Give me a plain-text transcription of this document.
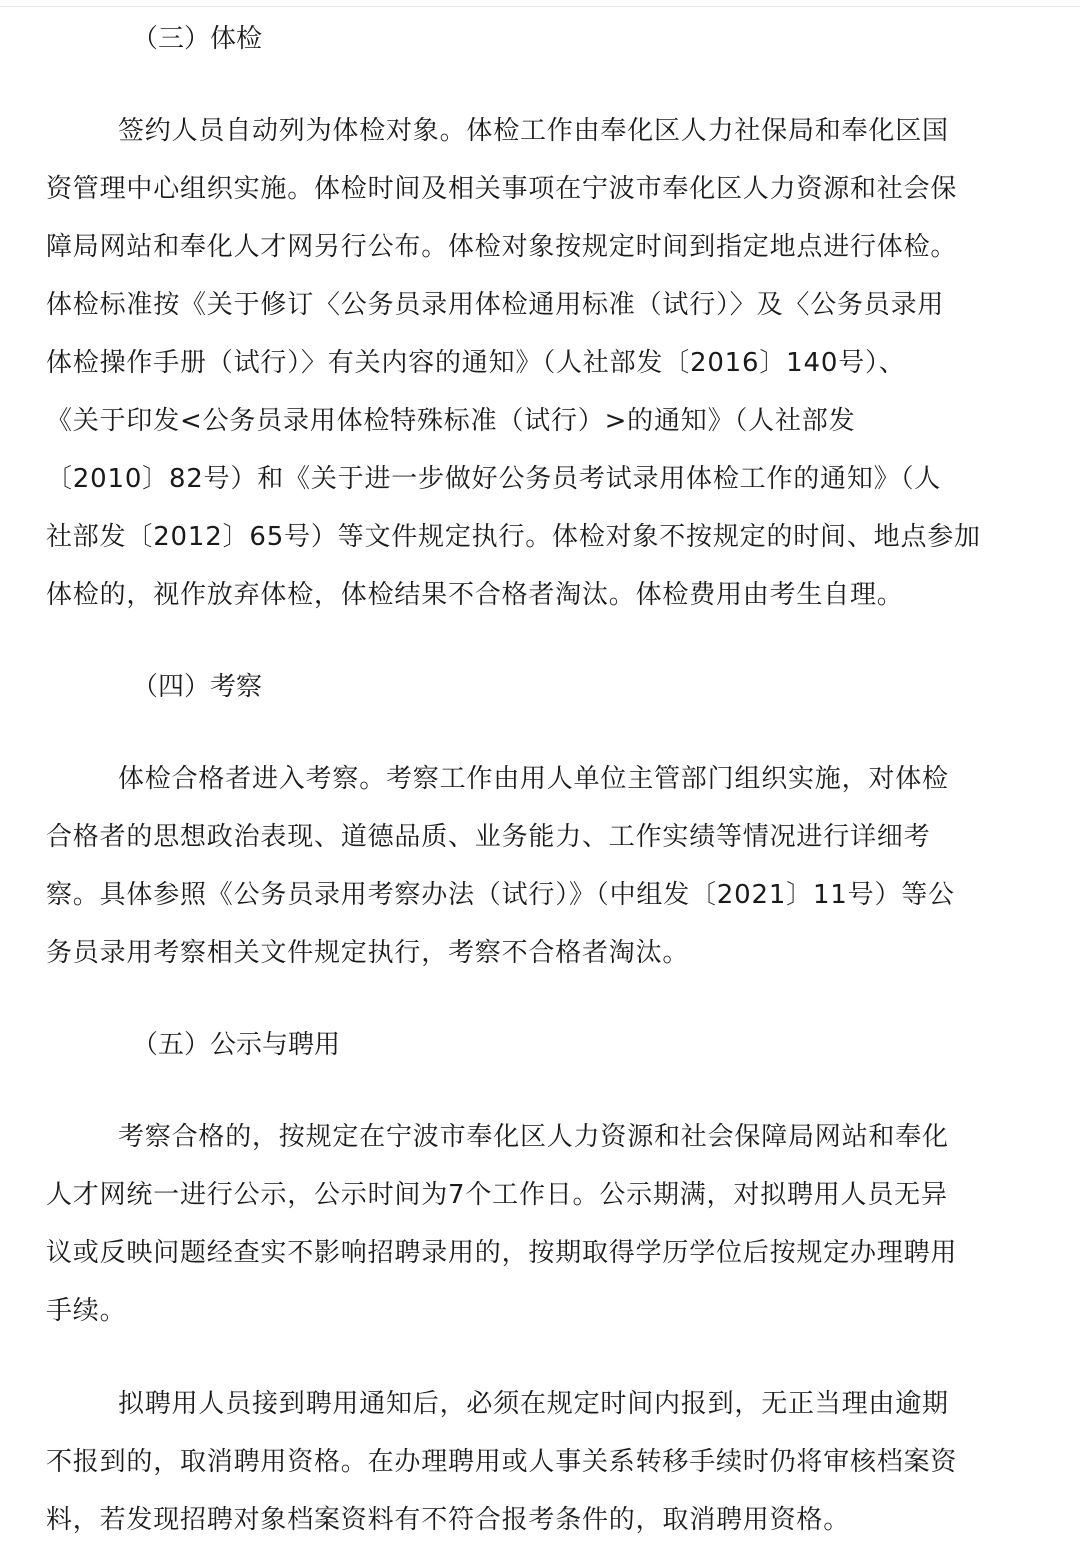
（三）体检

签约人员自动列为体检对象。体检工作由奉化区人力社保局和奉化区国
资管理中心组织实施。体检时间及相关事项在宁波市奉化区人力资源和社会保
障局网站和奉化人才网另行公布。体检对象按规定时间到指定地点进行体检。
体检标准按《关于修订〈公务员录用体检通用标准（试行）〉及〈公务员录用
体检操作手册（试行）〉有关内容的通知》（人社部发〔2016〕140号）、
《关于印发<公务员录用体检特殊标准（试行）>的通知》（人社部发
〔2010〕82号）和《关于进一步做好公务员考试录用体检工作的通知》（人
社部发〔2012〕65号）等文件规定执行。体检对象不按规定的时间、地点参加
体检的，视作放弃体检，体检结果不合格者淘汰。体检费用由考生自理。

（四）考察

体检合格者进入考察。考察工作由用人单位主管部门组织实施，对体检
合格者的思想政治表现、道德品质、业务能力、工作实绩等情况进行详细考
察。具体参照《公务员录用考察办法（试行）》（中组发〔2021〕11号）等公
务员录用考察相关文件规定执行，考察不合格者淘汰。

（五）公示与聘用

考察合格的，按规定在宁波市奉化区人力资源和社会保障局网站和奉化
人才网统一进行公示，公示时间为7个工作日。公示期满，对拟聘用人员无异
议或反映问题经查实不影响招聘录用的，按期取得学历学位后按规定办理聘用
手续。

拟聘用人员接到聘用通知后，必须在规定时间内报到，无正当理由逾期
不报到的，取消聘用资格。在办理聘用或人事关系转移手续时仍将审核档案资
料，若发现招聘对象档案资料有不符合报考条件的，取消聘用资格。
